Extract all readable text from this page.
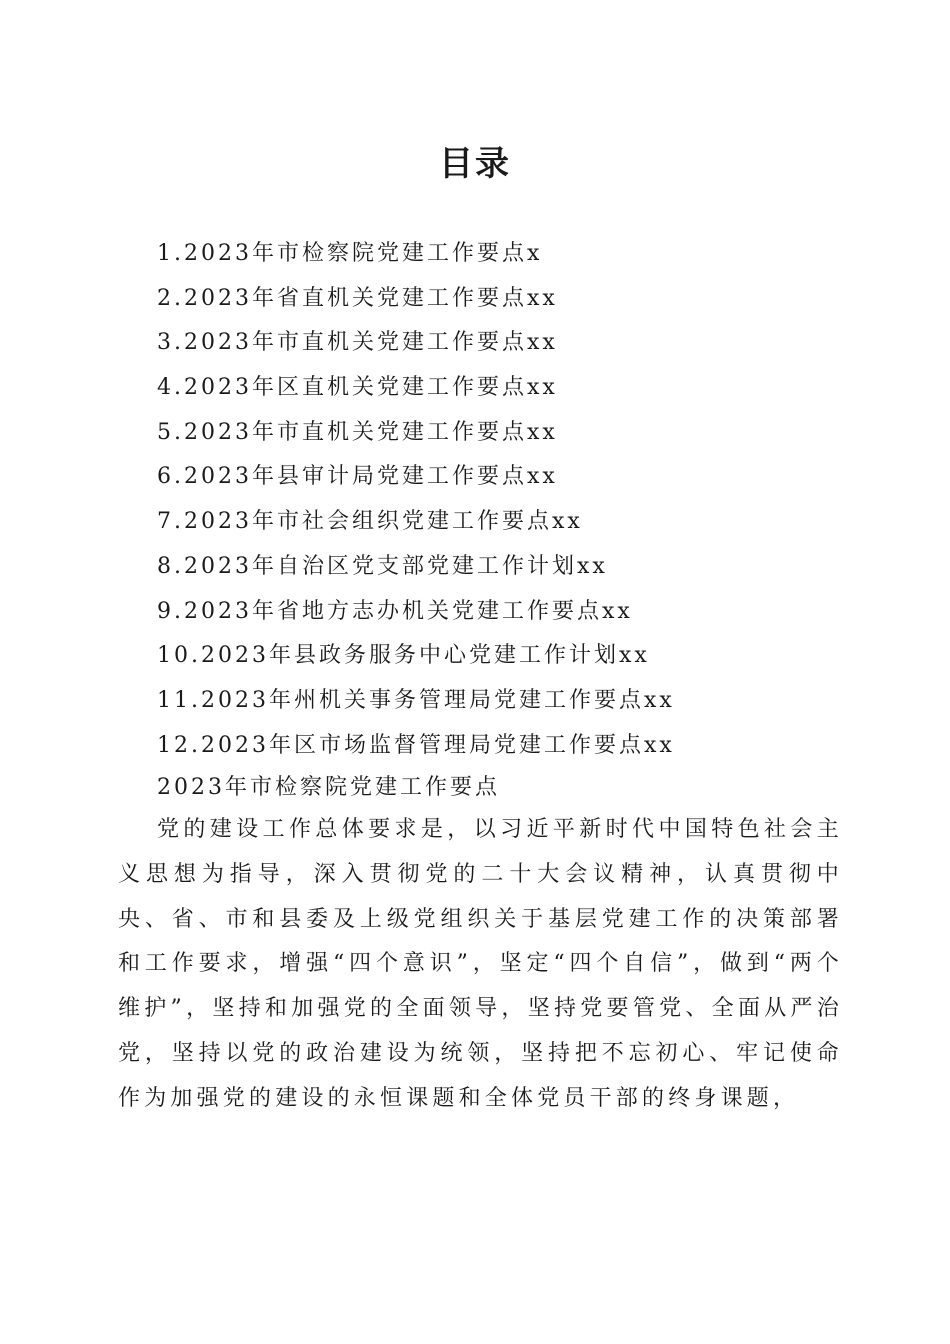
目录
1.2023年市检察院党建工作要点x
2.2023年省直机关党建工作要点xx
3.2023年市直机关党建工作要点xx
4.2023年区直机关党建工作要点xx
5.2023年市直机关党建工作要点xx
6.2023年县审计局党建工作要点xx
7.2023年市社会组织党建工作要点xx
8.2023年自治区党支部党建工作计划xx
9.2023年省地方志办机关党建工作要点xx
10.2023年县政务服务中心党建工作计划xx
11.2023年州机关事务管理局党建工作要点xx
12.2023年区市场监督管理局党建工作要点xx
2023年市检察院党建工作要点

党的建设工作总体要求是，以习近平新时代中国特色社会主义思想为指导，深入贯彻党的二十大会议精神，认真贯彻中央、省、市和县委及上级党组织关于基层党建工作的决策部署和工作要求，增强“四个意识”，坚定“四个自信”，做到“两个维护”，坚持和加强党的全面领导，坚持党要管党、全面从严治党，坚持以党的政治建设为统领，坚持把不忘初心、牢记使命作为加强党的建设的永恒课题和全体党员干部的终身课题，
